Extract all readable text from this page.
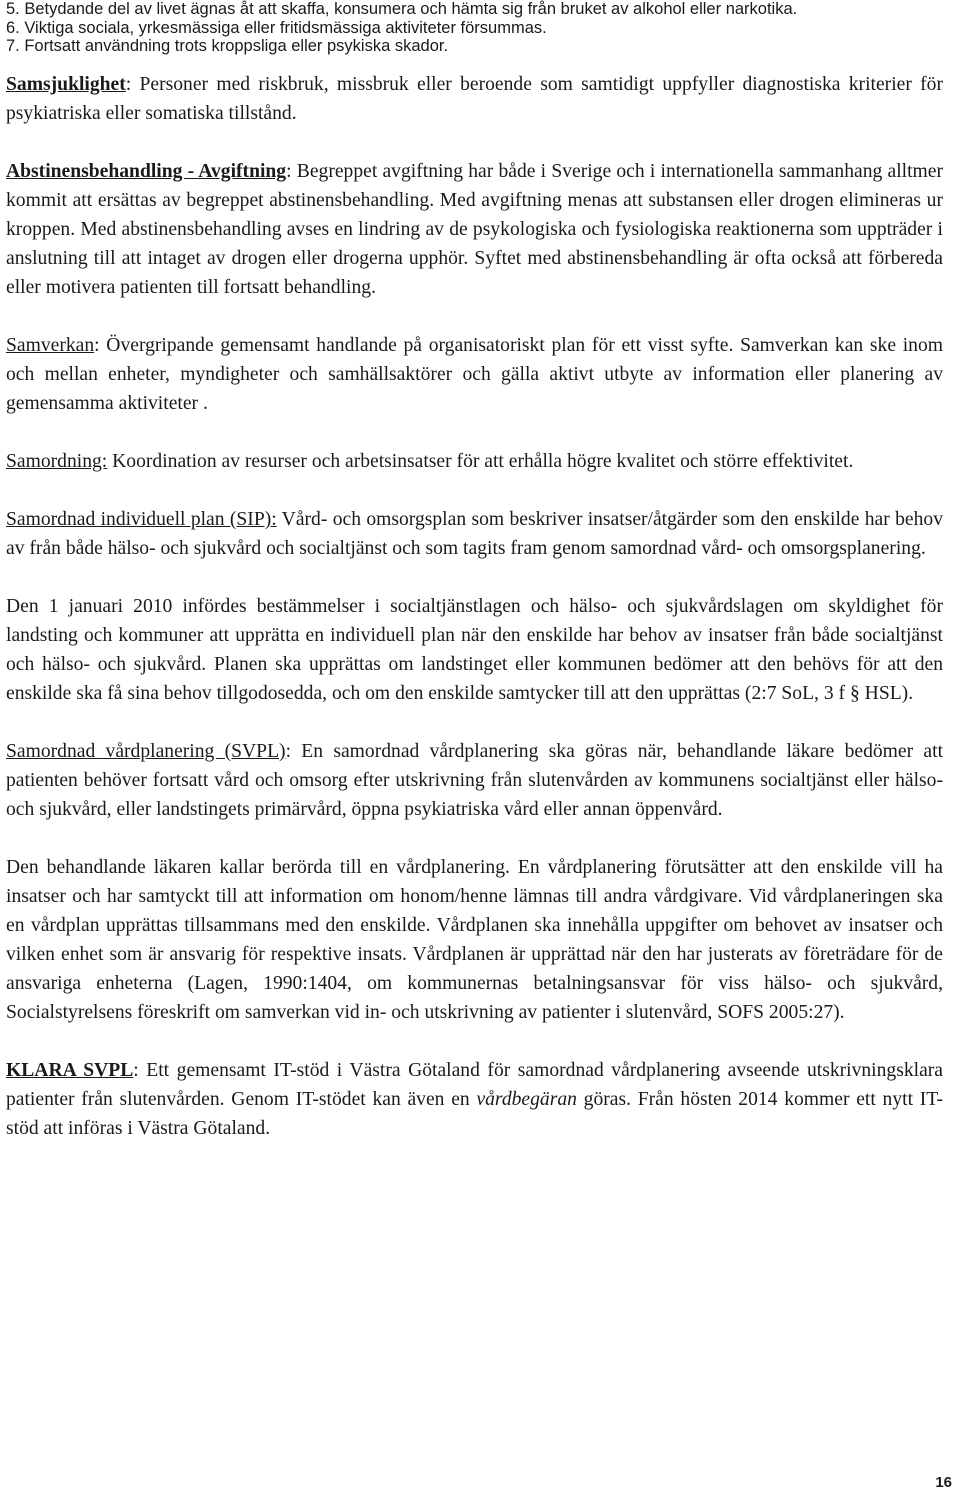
5. Betydande del av livet ägnas åt att skaffa, konsumera och hämta sig från bruket av alkohol eller narkotika.
6. Viktiga sociala, yrkesmässiga eller fritidsmässiga aktiviteter försummas.
7. Fortsatt användning trots kroppsliga eller psykiska skador.

Samsjuklighet: Personer med riskbruk, missbruk eller beroende som samtidigt uppfyller diagnostiska kriterier för psykiatriska eller somatiska tillstånd.

Abstinensbehandling - Avgiftning: Begreppet avgiftning har både i Sverige och i internationella sammanhang alltmer kommit att ersättas av begreppet abstinensbehandling. Med avgiftning menas att substansen eller drogen elimineras ur kroppen. Med abstinensbehandling avses en lindring av de psykologiska och fysiologiska reaktionerna som uppträder i anslutning till att intaget av drogen eller drogerna upphör. Syftet med abstinensbehandling är ofta också att förbereda eller motivera patienten till fortsatt behandling.

Samverkan: Övergripande gemensamt handlande på organisatoriskt plan för ett visst syfte. Samverkan kan ske inom och mellan enheter, myndigheter och samhällsaktörer och gälla aktivt utbyte av information eller planering av gemensamma aktiviteter .

Samordning: Koordination av resurser och arbetsinsatser för att erhålla högre kvalitet och större effektivitet.

Samordnad individuell plan (SIP): Vård- och omsorgsplan som beskriver insatser/åtgärder som den enskilde har behov av från både hälso- och sjukvård och socialtjänst och som tagits fram genom samordnad vård- och omsorgsplanering.

Den 1 januari 2010 infördes bestämmelser i socialtjänstlagen och hälso- och sjukvårdslagen om skyldighet för landsting och kommuner att upprätta en individuell plan när den enskilde har behov av insatser från både socialtjänst och hälso- och sjukvård. Planen ska upprättas om landstinget eller kommunen bedömer att den behövs för att den enskilde ska få sina behov tillgodosedda, och om den enskilde samtycker till att den upprättas (2:7 SoL, 3 f § HSL).

Samordnad vårdplanering (SVPL): En samordnad vårdplanering ska göras när, behandlande läkare bedömer att patienten behöver fortsatt vård och omsorg efter utskrivning från slutenvården av kommunens socialtjänst eller hälso- och sjukvård, eller landstingets primärvård, öppna psykiatriska vård eller annan öppenvård.

Den behandlande läkaren kallar berörda till en vårdplanering. En vårdplanering förutsätter att den enskilde vill ha insatser och har samtyckt till att information om honom/henne lämnas till andra vårdgivare. Vid vårdplaneringen ska en vårdplan upprättas tillsammans med den enskilde. Vårdplanen ska innehålla uppgifter om behovet av insatser och vilken enhet som är ansvarig för respektive insats. Vårdplanen är upprättad när den har justerats av företrädare för de ansvariga enheterna (Lagen, 1990:1404, om kommunernas betalningsansvar för viss hälso- och sjukvård, Socialstyrelsens föreskrift om samverkan vid in- och utskrivning av patienter i slutenvård, SOFS 2005:27).

KLARA SVPL: Ett gemensamt IT-stöd i Västra Götaland för samordnad vårdplanering avseende utskrivningsklara patienter från slutenvården. Genom IT-stödet kan även en vårdbegäran göras. Från hösten 2014 kommer ett nytt IT-stöd att införas i Västra Götaland.

16
